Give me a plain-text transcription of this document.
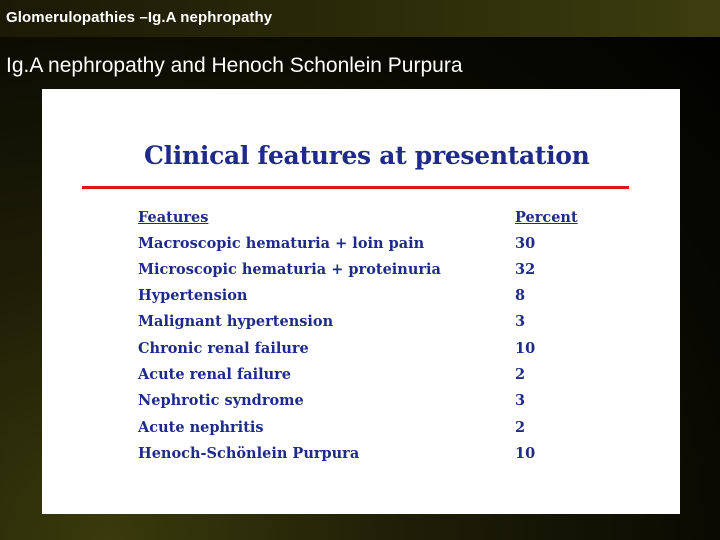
Glomerulopathies –Ig.A nephropathy
Ig.A nephropathy and Henoch Schonlein Purpura
Clinical features at presentation
Features	Percent
Macroscopic hematuria + loin pain	30
Microscopic hematuria + proteinuria	32
Hypertension	8
Malignant hypertension	3
Chronic renal failure	10
Acute renal failure	2
Nephrotic syndrome	3
Acute nephritis	2
Henoch-Schönlein Purpura	10
